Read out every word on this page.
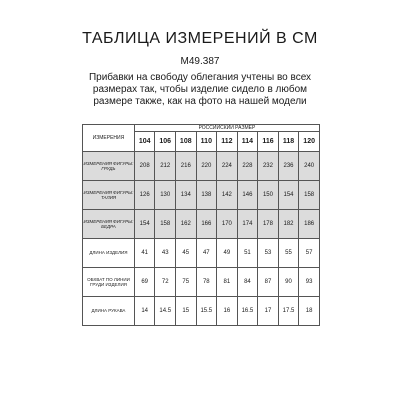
ТАБЛИЦА ИЗМЕРЕНИЙ В СМ
M49.387
Прибавки на свободу облегания учтены во всех размерах так, чтобы изделие сидело в любом размере также, как на фото на нашей модели
ИЗМЕРЕНИЯ	РОССИЙСКИЙ РАЗМЕР								
	104	106	108	110	112	114	116	118	120
ИЗМЕРЕНИЯ ФИГУРЫ: ГРУДЬ	208	212	216	220	224	228	232	236	240
ИЗМЕРЕНИЯ ФИГУРЫ: ТАЛИЯ	126	130	134	138	142	146	150	154	158
ИЗМЕРЕНИЯ ФИГУРЫ: БЕДРА	154	158	162	166	170	174	178	182	186
ДЛИНА ИЗДЕЛИЯ	41	43	45	47	49	51	53	55	57
ОБХВАТ ПО ЛИНИИ ГРУДИ ИЗДЕЛИЯ	69	72	75	78	81	84	87	90	93
ДЛИНА РУКАВА	14	14.5	15	15.5	16	16.5	17	17.5	18
